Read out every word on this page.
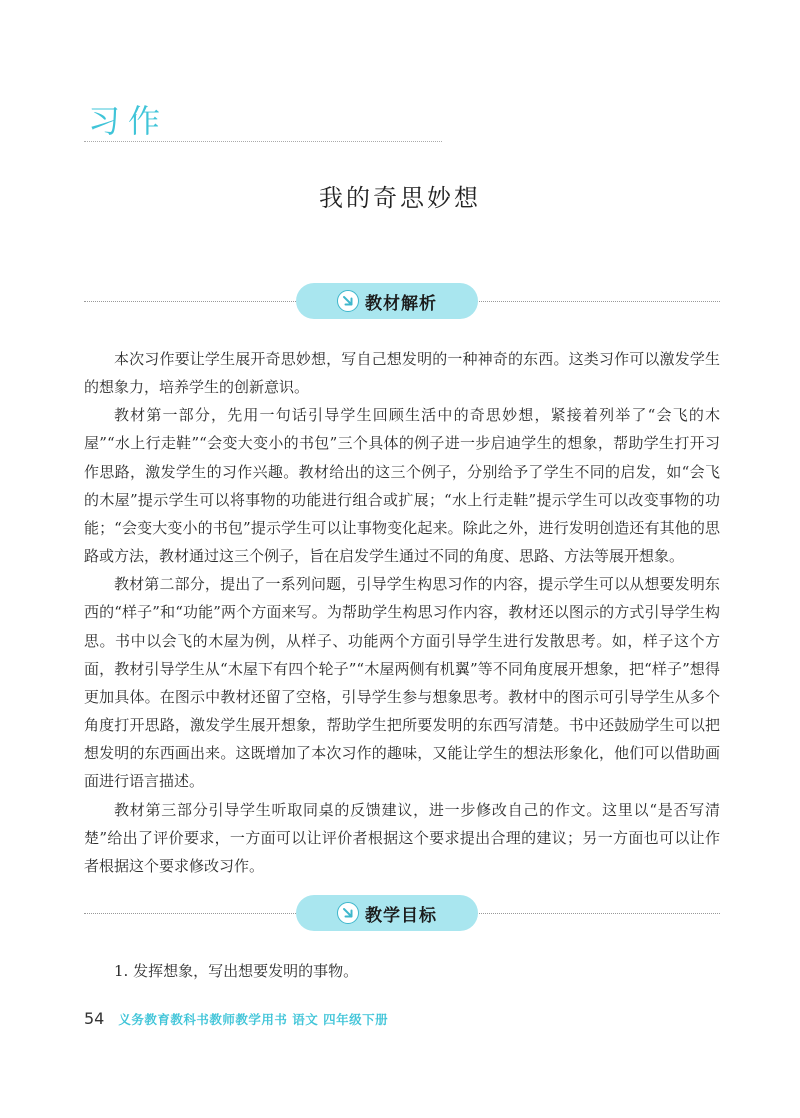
习作
我的奇思妙想
教材解析

本次习作要让学生展开奇思妙想，写自己想发明的一种神奇的东西。这类习作可以激发学生的想象力，培养学生的创新意识。

教材第一部分，先用一句话引导学生回顾生活中的奇思妙想，紧接着列举了“会飞的木屋”“水上行走鞋”“会变大变小的书包”三个具体的例子进一步启迪学生的想象，帮助学生打开习作思路，激发学生的习作兴趣。教材给出的这三个例子，分别给予了学生不同的启发，如“会飞的木屋”提示学生可以将事物的功能进行组合或扩展；“水上行走鞋”提示学生可以改变事物的功能；“会变大变小的书包”提示学生可以让事物变化起来。除此之外，进行发明创造还有其他的思路或方法，教材通过这三个例子，旨在启发学生通过不同的角度、思路、方法等展开想象。

教材第二部分，提出了一系列问题，引导学生构思习作的内容，提示学生可以从想要发明东西的“样子”和“功能”两个方面来写。为帮助学生构思习作内容，教材还以图示的方式引导学生构思。书中以会飞的木屋为例，从样子、功能两个方面引导学生进行发散思考。如，样子这个方面，教材引导学生从“木屋下有四个轮子”“木屋两侧有机翼”等不同角度展开想象，把“样子”想得更加具体。在图示中教材还留了空格，引导学生参与想象思考。教材中的图示可引导学生从多个角度打开思路，激发学生展开想象，帮助学生把所要发明的东西写清楚。书中还鼓励学生可以把想发明的东西画出来。这既增加了本次习作的趣味，又能让学生的想法形象化，他们可以借助画面进行语言描述。

教材第三部分引导学生听取同桌的反馈建议，进一步修改自己的作文。这里以“是否写清楚”给出了评价要求，一方面可以让评价者根据这个要求提出合理的建议；另一方面也可以让作者根据这个要求修改习作。

教学目标

1. 发挥想象，写出想要发明的事物。

54 义务教育教科书教师教学用书 语文 四年级下册
